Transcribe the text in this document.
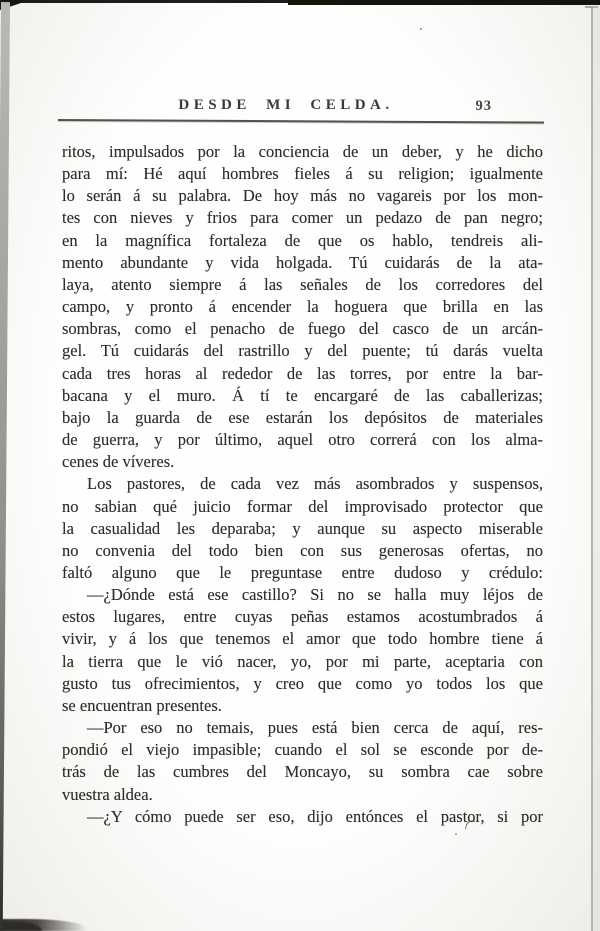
DESDE MI CELDA.	93
ritos, impulsados por la conciencia de un deber, y he dicho
para mí: Hé aquí hombres fieles á su religion; igualmente
lo serán á su palabra. De hoy más no vagareis por los mon-
tes con nieves y frios para comer un pedazo de pan negro;
en la magnífica fortaleza de que os hablo, tendreis ali-
mento abundante y vida holgada. Tú cuidarás de la ata-
laya, atento siempre á las señales de los corredores del
campo, y pronto á encender la hoguera que brilla en las
sombras, como el penacho de fuego del casco de un arcán-
gel. Tú cuidarás del rastrillo y del puente; tú darás vuelta
cada tres horas al rededor de las torres, por entre la bar-
bacana y el muro. Á tí te encargaré de las caballerizas;
bajo la guarda de ese estarán los depósitos de materiales
de guerra, y por último, aquel otro correrá con los alma-
cenes de víveres.
Los pastores, de cada vez más asombrados y suspensos,
no sabian qué juicio formar del improvisado protector que
la casualidad les deparaba; y aunque su aspecto miserable
no convenia del todo bien con sus generosas ofertas, no
faltó alguno que le preguntase entre dudoso y crédulo:
—¿Dónde está ese castillo? Si no se halla muy léjos de
estos lugares, entre cuyas peñas estamos acostumbrados á
vivir, y á los que tenemos el amor que todo hombre tiene á
la tierra que le vió nacer, yo, por mi parte, aceptaria con
gusto tus ofrecimientos, y creo que como yo todos los que
se encuentran presentes.
—Por eso no temais, pues está bien cerca de aquí, res-
pondió el viejo impasible; cuando el sol se esconde por de-
trás de las cumbres del Moncayo, su sombra cae sobre
vuestra aldea.
—¿Y cómo puede ser eso, dijo entónces el pastor, si por
